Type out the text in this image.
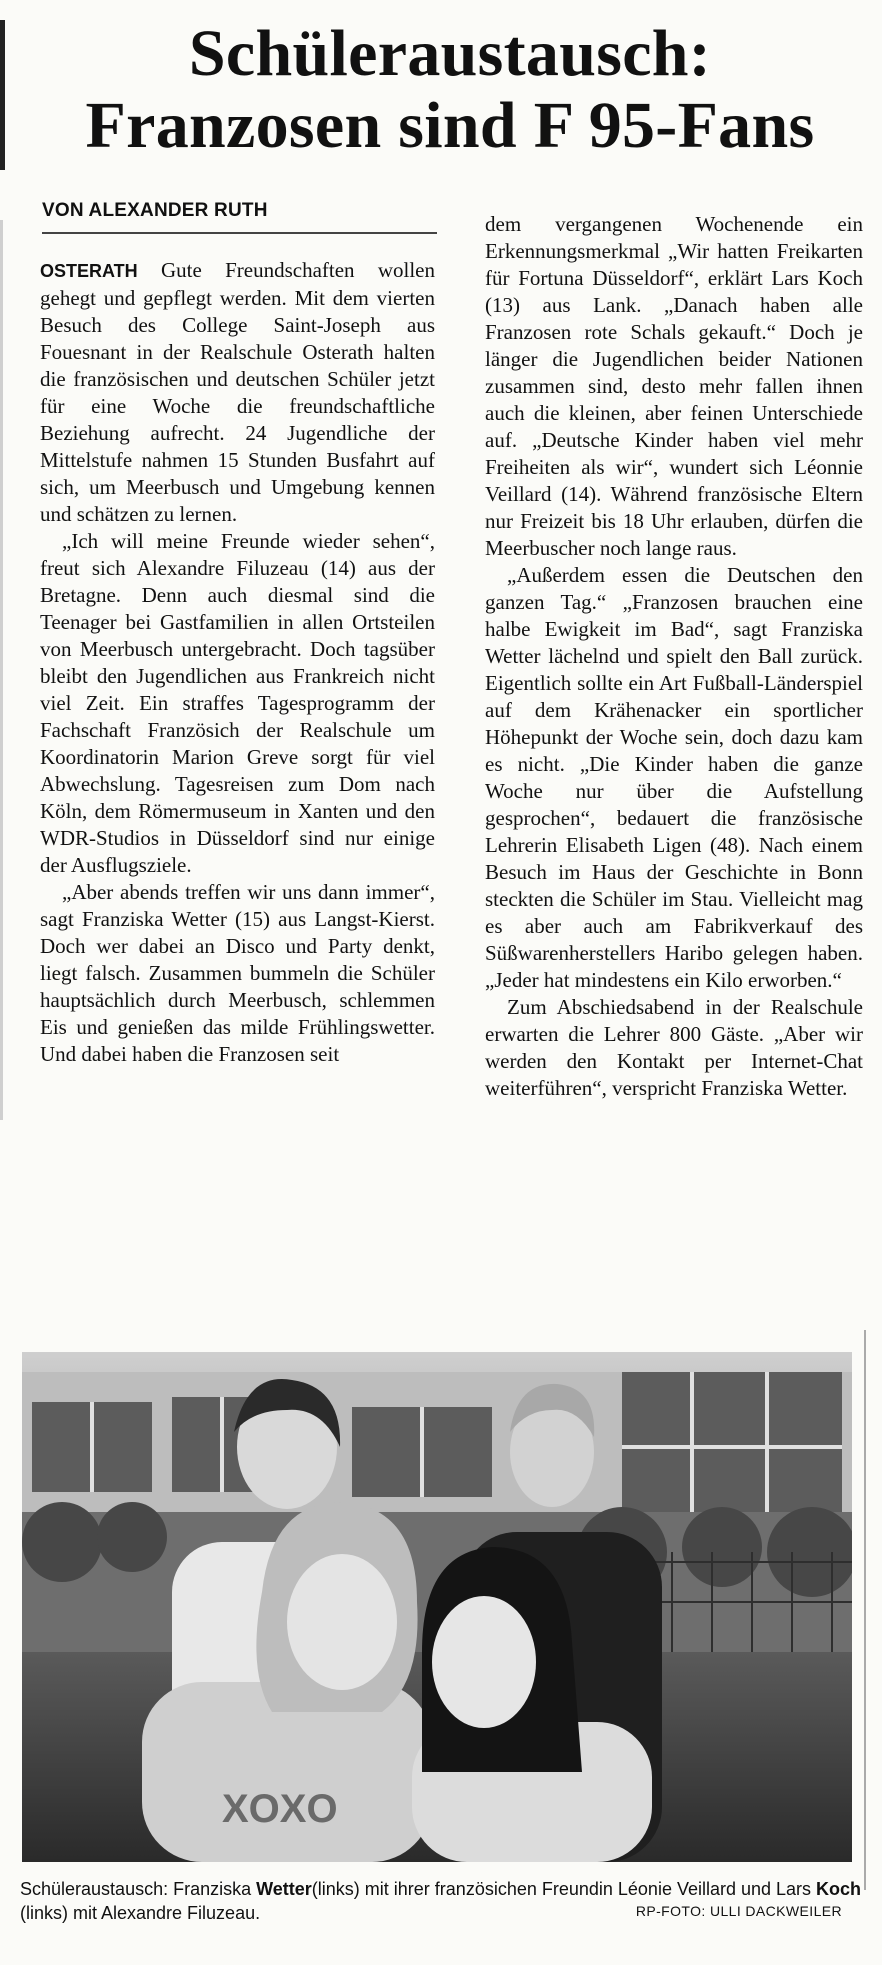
Schüleraustausch:
Franzosen sind F 95-Fans
VON ALEXANDER RUTH

OSTERATH Gute Freundschaften wollen gehegt und gepflegt werden. Mit dem vierten Besuch des College Saint-Joseph aus Fouesnant in der Realschule Osterath halten die französischen und deutschen Schüler jetzt für eine Woche die freundschaftliche Beziehung aufrecht. 24 Jugendliche der Mittelstufe nahmen 15 Stunden Busfahrt auf sich, um Meerbusch und Umgebung kennen und schätzen zu lernen.

„Ich will meine Freunde wieder sehen“, freut sich Alexandre Filuzeau (14) aus der Bretagne. Denn auch diesmal sind die Teenager bei Gastfamilien in allen Ortsteilen von Meerbusch untergebracht. Doch tagsüber bleibt den Jugendlichen aus Frankreich nicht viel Zeit. Ein straffes Tagesprogramm der Fachschaft Französich der Realschule um Koordinatorin Marion Greve sorgt für viel Abwechslung. Tagesreisen zum Dom nach Köln, dem Römermuseum in Xanten und den WDR-Studios in Düsseldorf sind nur einige der Ausflugsziele.

„Aber abends treffen wir uns dann immer“, sagt Franziska Wetter (15) aus Langst-Kierst. Doch wer dabei an Disco und Party denkt, liegt falsch. Zusammen bummeln die Schüler hauptsächlich durch Meerbusch, schlemmen Eis und genießen das milde Frühlingswetter. Und dabei haben die Franzosen seit

dem vergangenen Wochenende ein Erkennungsmerkmal „Wir hatten Freikarten für Fortuna Düsseldorf“, erklärt Lars Koch (13) aus Lank. „Danach haben alle Franzosen rote Schals gekauft.“ Doch je länger die Jugendlichen beider Nationen zusammen sind, desto mehr fallen ihnen auch die kleinen, aber feinen Unterschiede auf. „Deutsche Kinder haben viel mehr Freiheiten als wir“, wundert sich Léonnie Veillard (14). Während französische Eltern nur Freizeit bis 18 Uhr erlauben, dürfen die Meerbuscher noch lange raus.

„Außerdem essen die Deutschen den ganzen Tag.“ „Franzosen brauchen eine halbe Ewigkeit im Bad“, sagt Franziska Wetter lächelnd und spielt den Ball zurück. Eigentlich sollte ein Art Fußball-Länderspiel auf dem Krähenacker ein sportlicher Höhepunkt der Woche sein, doch dazu kam es nicht. „Die Kinder haben die ganze Woche nur über die Aufstellung gesprochen“, bedauert die französische Lehrerin Elisabeth Ligen (48). Nach einem Besuch im Haus der Geschichte in Bonn steckten die Schüler im Stau. Vielleicht mag es aber auch am Fabrikverkauf des Süßwarenherstellers Haribo gelegen haben. „Jeder hat mindestens ein Kilo erworben.“

Zum Abschiedsabend in der Realschule erwarten die Lehrer 800 Gäste. „Aber wir werden den Kontakt per Internet-Chat weiterführen“, verspricht Franziska Wetter.

XOXO
Schüleraustausch: Franziska Wetter(links) mit ihrer französichen Freundin Léonie Veillard und Lars Koch (links) mit Alexandre Filuzeau.	RP-FOTO: ULLI DACKWEILER
